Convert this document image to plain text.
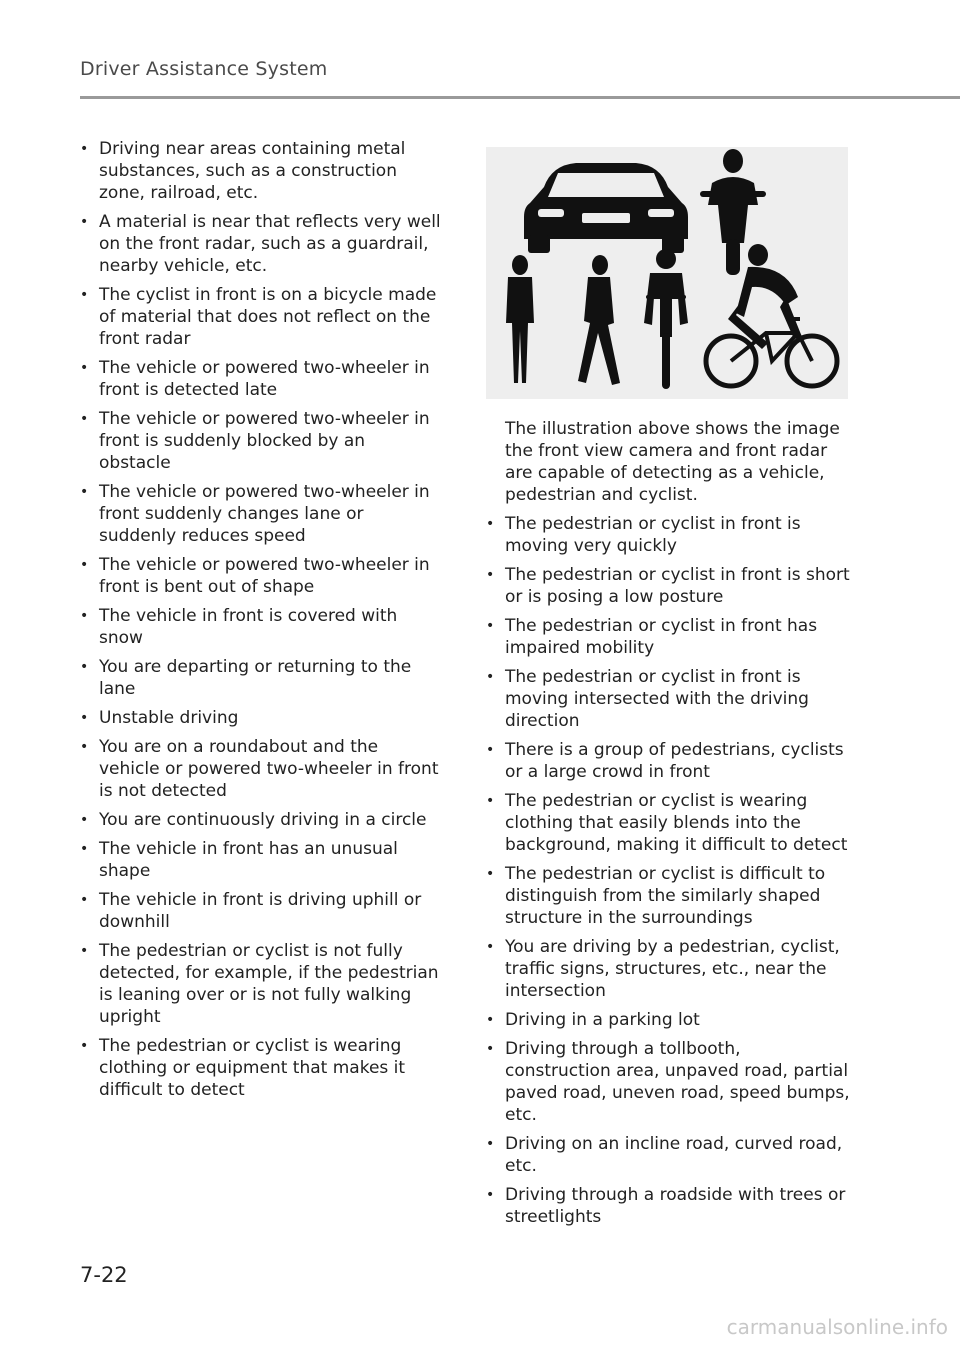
Driver Assistance System
• Driving near areas containing metal substances, such as a construction zone, railroad, etc.
• A material is near that reflects very well on the front radar, such as a guardrail, nearby vehicle, etc.
• The cyclist in front is on a bicycle made of material that does not reflect on the front radar
• The vehicle or powered two-wheeler in front is detected late
• The vehicle or powered two-wheeler in front is suddenly blocked by an obstacle
• The vehicle or powered two-wheeler in front suddenly changes lane or suddenly reduces speed
• The vehicle or powered two-wheeler in front is bent out of shape
• The vehicle in front is covered with snow
• You are departing or returning to the lane
• Unstable driving
• You are on a roundabout and the vehicle or powered two-wheeler in front is not detected
• You are continuously driving in a circle
• The vehicle in front has an unusual shape
• The vehicle in front is driving uphill or downhill
• The pedestrian or cyclist is not fully detected, for example, if the pedestrian is leaning over or is not fully walking upright
• The pedestrian or cyclist is wearing clothing or equipment that makes it difficult to detect
The illustration above shows the image the front view camera and front radar are capable of detecting as a vehicle, pedestrian and cyclist.
• The pedestrian or cyclist in front is moving very quickly
• The pedestrian or cyclist in front is short or is posing a low posture
• The pedestrian or cyclist in front has impaired mobility
• The pedestrian or cyclist in front is moving intersected with the driving direction
• There is a group of pedestrians, cyclists or a large crowd in front
• The pedestrian or cyclist is wearing clothing that easily blends into the background, making it difficult to detect
• The pedestrian or cyclist is difficult to distinguish from the similarly shaped structure in the surroundings
• You are driving by a pedestrian, cyclist, traffic signs, structures, etc., near the intersection
• Driving in a parking lot
• Driving through a tollbooth, construction area, unpaved road, partial paved road, uneven road, speed bumps, etc.
• Driving on an incline road, curved road, etc.
• Driving through a roadside with trees or streetlights
7-22
carmanualsonline.info
